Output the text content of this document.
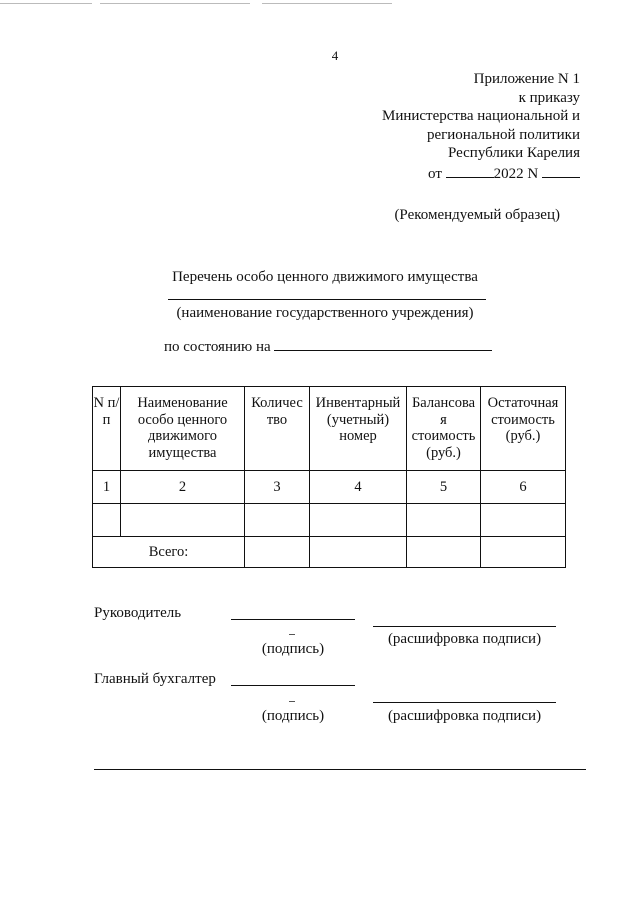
4
Приложение N 1
к приказу
Министерства национальной и
региональной политики
Республики Карелия
от	2022 N
(Рекомендуемый образец)
Перечень особо ценного движимого имущества
(наименование государственного учреждения)
по состоянию на
N п/п	Наименование особо ценного движимого имущества	Количес тво	Инвентарный (учетный) номер	Балансова я стоимость (руб.)	Остаточная стоимость (руб.)
1	2	3	4	5	6

Всего:					
Руководитель
(подпись)
(расшифровка подписи)
Главный бухгалтер
(подпись)	(расшифровка подписи)
